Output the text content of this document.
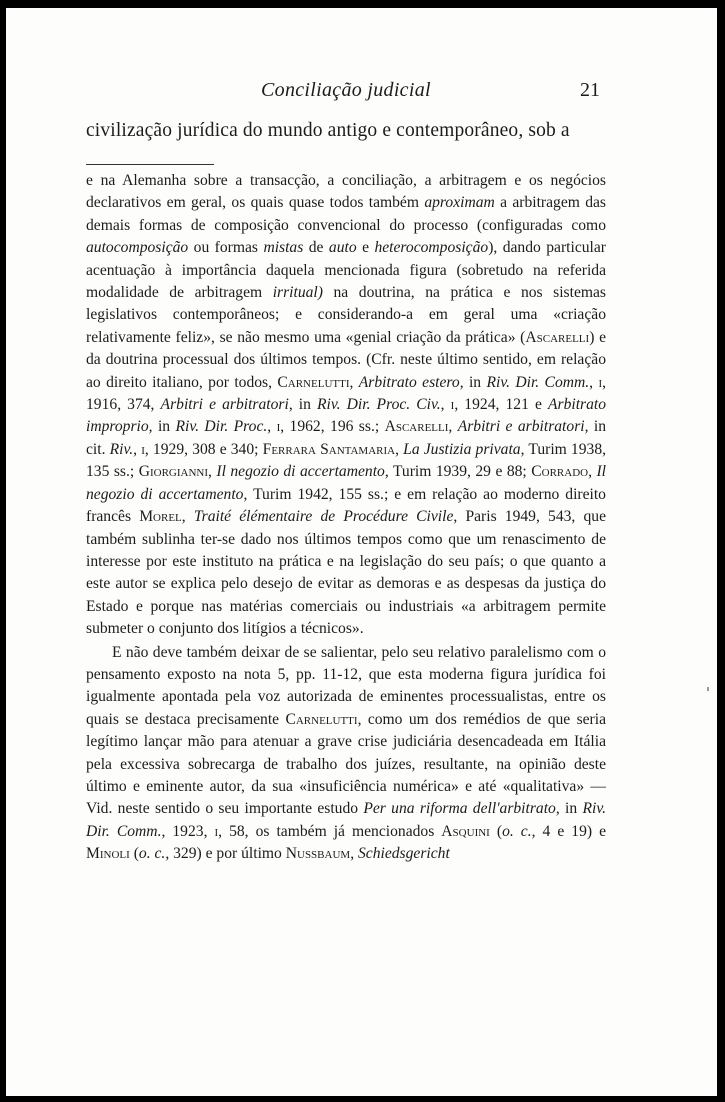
Conciliação judicial	21
civilização jurídica do mundo antigo e contemporâneo, sob a

e na Alemanha sobre a transacção, a conciliação, a arbitragem e os negócios declarativos em geral, os quais quase todos também aproximam a arbitragem das demais formas de composição convencional do processo (configuradas como autocomposição ou formas mistas de auto e heterocomposição), dando particular acentuação à importância daquela mencionada figura (sobretudo na referida modalidade de arbitragem irritual) na doutrina, na prática e nos sistemas legislativos contemporâneos; e considerando-a em geral uma «criação relativamente feliz», se não mesmo uma «genial criação da prática» (Ascarelli) e da doutrina processual dos últimos tempos. (Cfr. neste último sentido, em relação ao direito italiano, por todos, Carnelutti, Arbitrato estero, in Riv. Dir. Comm., i, 1916, 374, Arbitri e arbitratori, in Riv. Dir. Proc. Civ., i, 1924, 121 e Arbitrato improprio, in Riv. Dir. Proc., i, 1962, 196 ss.; Ascarelli, Arbitri e arbitratori, in cit. Riv., i, 1929, 308 e 340; Ferrara Santamaria, La Justizia privata, Turim 1938, 135 ss.; Giorgianni, Il negozio di accertamento, Turim 1939, 29 e 88; Corrado, Il negozio di accertamento, Turim 1942, 155 ss.; e em relação ao moderno direito francês Morel, Traité élémentaire de Procédure Civile, Paris 1949, 543, que também sublinha ter-se dado nos últimos tempos como que um renascimento de interesse por este instituto na prática e na legislação do seu país; o que quanto a este autor se explica pelo desejo de evitar as demoras e as despesas da justiça do Estado e porque nas matérias comerciais ou industriais «a arbitragem permite submeter o conjunto dos litígios a técnicos».

E não deve também deixar de se salientar, pelo seu relativo paralelismo com o pensamento exposto na nota 5, pp. 11-12, que esta moderna figura jurídica foi igualmente apontada pela voz autorizada de eminentes processualistas, entre os quais se destaca precisamente Carnelutti, como um dos remédios de que seria legítimo lançar mão para atenuar a grave crise judiciária desencadeada em Itália pela excessiva sobrecarga de trabalho dos juízes, resultante, na opinião deste último e eminente autor, da sua «insuficiência numérica» e até «qualitativa» — Vid. neste sentido o seu importante estudo Per una riforma dell'arbitrato, in Riv. Dir. Comm., 1923, i, 58, os também já mencionados Asquini (o. c., 4 e 19) e Minoli (o. c., 329) e por último Nussbaum, Schiedsgericht
